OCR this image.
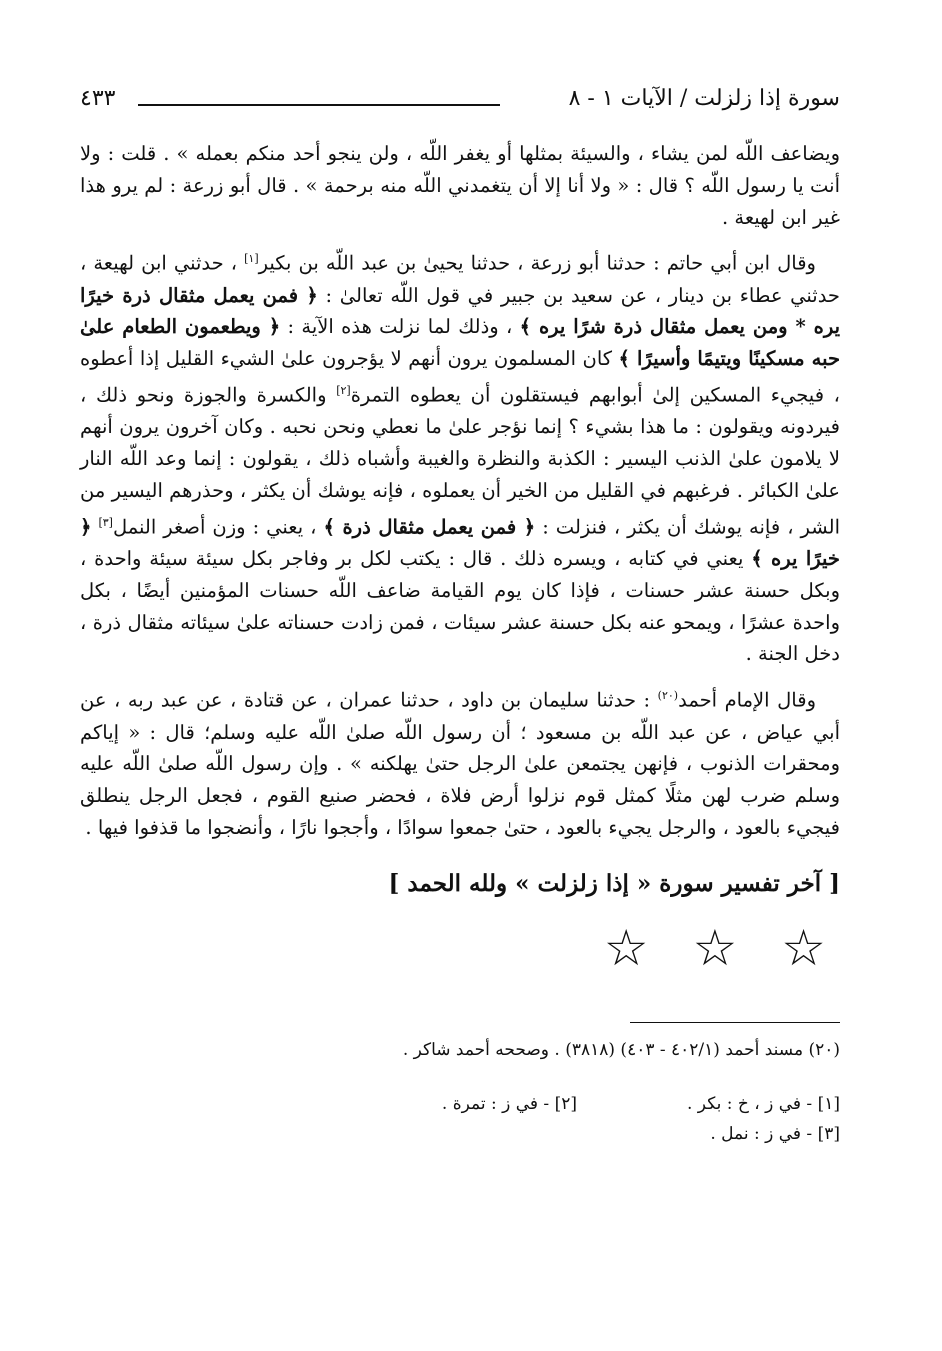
سورة إذا زلزلت / الآيات ١ - ٨
٤٣٣

ويضاعف اللّه لمن يشاء ، والسيئة بمثلها أو يغفر اللّه ، ولن ينجو أحد منكم بعمله » . قلت : ولا أنت يا رسول اللّه ؟ قال : « ولا أنا إلا أن يتغمدني اللّه منه برحمة » . قال أبو زرعة : لم يرو هذا غير ابن لهيعة .

وقال ابن أبي حاتم : حدثنا أبو زرعة ، حدثنا يحيىٰ بن عبد اللّه بن بكير[١] ، حدثني ابن لهيعة ، حدثني عطاء بن دينار ، عن سعيد بن جبير في قول اللّه تعالىٰ : ﴿ فمن يعمل مثقال ذرة خيرًا يره * ومن يعمل مثقال ذرة شرًا يره ﴾ ، وذلك لما نزلت هذه الآية : ﴿ ويطعمون الطعام علىٰ حبه مسكينًا ويتيمًا وأسيرًا ﴾ كان المسلمون يرون أنهم لا يؤجرون علىٰ الشيء القليل إذا أعطوه ، فيجيء المسكين إلىٰ أبوابهم فيستقلون أن يعطوه التمرة[٢] والكسرة والجوزة ونحو ذلك ، فيردونه ويقولون : ما هذا بشيء ؟ إنما نؤجر علىٰ ما نعطي ونحن نحبه . وكان آخرون يرون أنهم لا يلامون علىٰ الذنب اليسير : الكذبة والنظرة والغيبة وأشباه ذلك ، يقولون : إنما وعد اللّه النار علىٰ الكبائر . فرغبهم في القليل من الخير أن يعملوه ، فإنه يوشك أن يكثر ، وحذرهم اليسير من الشر ، فإنه يوشك أن يكثر ، فنزلت : ﴿ فمن يعمل مثقال ذرة ﴾ ، يعني : وزن أصغر النمل[٣] ﴿ خيرًا يره ﴾ يعني في كتابه ، ويسره ذلك . قال : يكتب لكل بر وفاجر بكل سيئة سيئة واحدة ، وبكل حسنة عشر حسنات ، فإذا كان يوم القيامة ضاعف اللّه حسنات المؤمنين أيضًا ، بكل واحدة عشرًا ، ويمحو عنه بكل حسنة عشر سيئات ، فمن زادت حسناته علىٰ سيئاته مثقال ذرة ، دخل الجنة .

وقال الإمام أحمد$^{(٢٠)}$ : حدثنا سليمان بن داود ، حدثنا عمران ، عن قتادة ، عن عبد ربه ، عن أبي عياض ، عن عبد اللّه بن مسعود ؛ أن رسول اللّه صلىٰ اللّه عليه وسلم؛ قال : « إياكم ومحقرات الذنوب ، فإنهن يجتمعن علىٰ الرجل حتىٰ يهلكنه » . وإن رسول اللّه صلىٰ اللّه عليه وسلم ضرب لهن مثلًا كمثل قوم نزلوا أرض فلاة ، فحضر صنيع القوم ، فجعل الرجل ينطلق فيجيء بالعود ، والرجل يجيء بالعود ، حتىٰ جمعوا سوادًا ، وأججوا نارًا ، وأنضجوا ما قذفوا فيها .

[ آخر تفسير سورة « إذا زلزلت » ولله الحمد ]
☆ ☆ ☆
(٢٠) مسند أحمد (٤٠٢/١ - ٤٠٣) (٣٨١٨) . وصححه أحمد شاكر .
[١] - في ز ، خ : بكر .
[٢] - في ز : تمرة .
[٣] - في ز : نمل .
